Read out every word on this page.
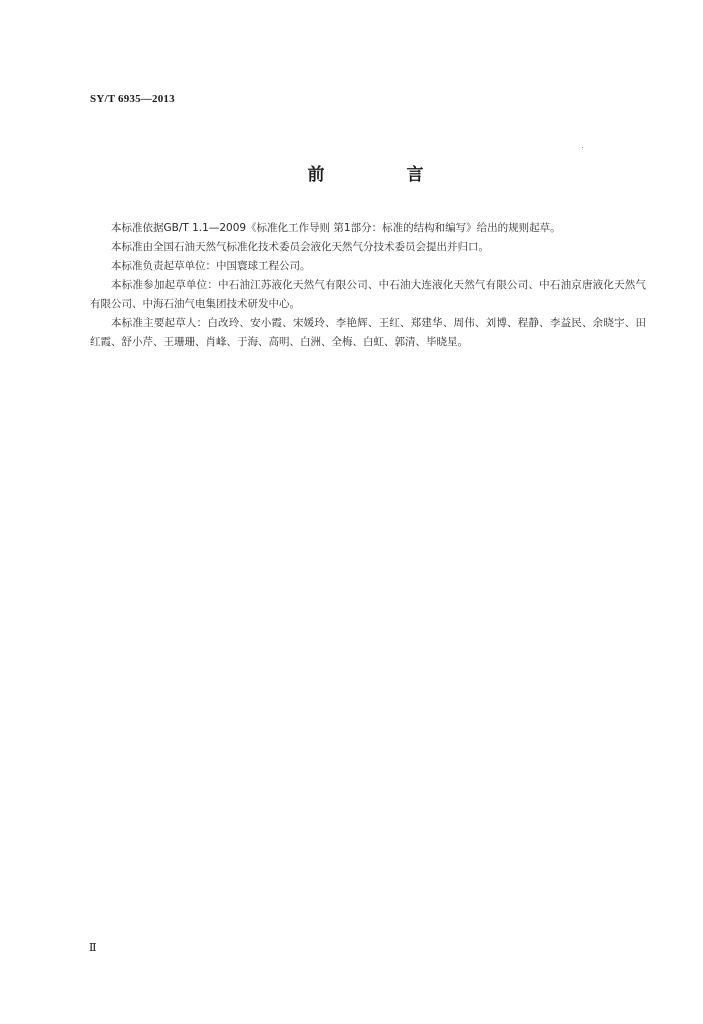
SY/T 6935—2013
前 言

本标准依据GB/T 1.1—2009《标准化工作导则 第1部分：标准的结构和编写》给出的规则起草。

本标准由全国石油天然气标准化技术委员会液化天然气分技术委员会提出并归口。

本标准负责起草单位：中国寰球工程公司。

本标准参加起草单位：中石油江苏液化天然气有限公司、中石油大连液化天然气有限公司、中石油京唐液化天然气有限公司、中海石油气电集团技术研发中心。

本标准主要起草人：白改玲、安小霞、宋媛玲、李艳辉、王红、郑建华、周伟、刘博、程静、李益民、余晓宇、田红霞、舒小芹、王珊珊、肖峰、于海、高明、白洲、全梅、白虹、郭清、毕晓星。

Ⅱ
